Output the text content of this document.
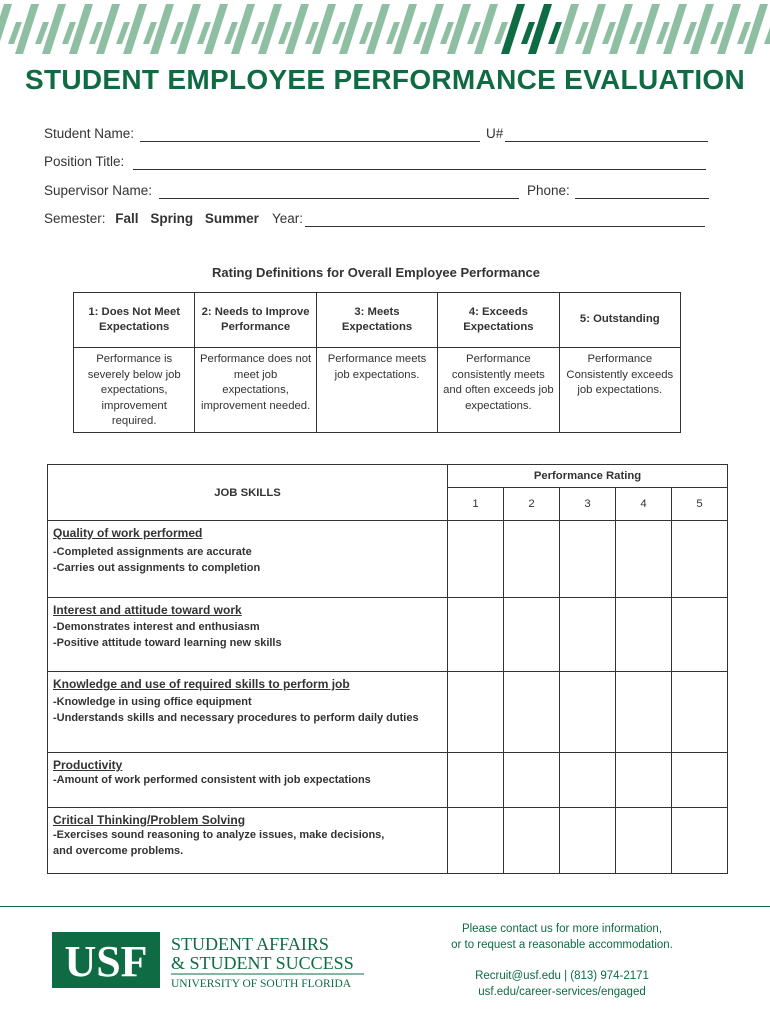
STUDENT EMPLOYEE PERFORMANCE EVALUATION
Student Name:	U#
Position Title:
Supervisor Name:	Phone:
Semester: Fall Spring Summer Year:
Rating Definitions for Overall Employee Performance
1: Does Not Meet Expectations	2: Needs to Improve Performance	3: Meets Expectations	4: Exceeds Expectations	5: Outstanding
Performance is severely below job expectations, improvement required.	Performance does not meet job expectations, improvement needed.	Performance meets job expectations.	Performance consistently meets and often exceeds job expectations.	Performance Consistently exceeds job expectations.
JOB SKILLS	Performance Rating				
	1	2	3	4	5

Quality of work performed
-Completed assignments are accurate
-Carries out assignments to completion					

Interest and attitude toward work
-Demonstrates interest and enthusiasm
-Positive attitude toward learning new skills					

Knowledge and use of required skills to perform job
-Knowledge in using office equipment
-Understands skills and necessary procedures to perform daily duties					

Productivity
-Amount of work performed consistent with job expectations					

Critical Thinking/Problem Solving
-Exercises sound reasoning to analyze issues, make decisions, and overcome problems.					

USF STUDENT AFFAIRS
& STUDENT SUCCESS
UNIVERSITY OF SOUTH FLORIDA
Please contact us for more information,
or to request a reasonable accommodation.
Recruit@usf.edu | (813) 974-2171
usf.edu/career-services/engaged
